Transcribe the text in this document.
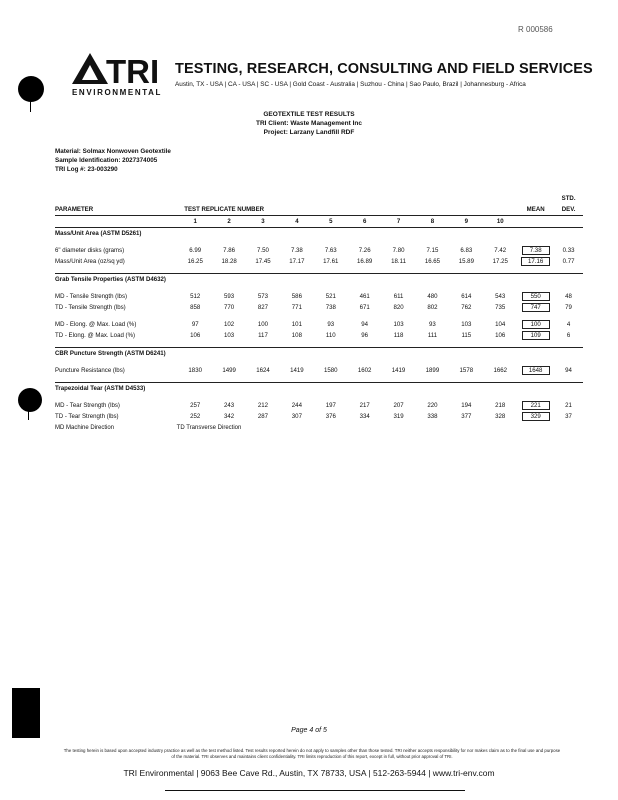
R 000586
TRI
ENVIRONMENTAL
TESTING, RESEARCH, CONSULTING AND FIELD SERVICES
Austin, TX - USA | CA - USA | SC - USA | Gold Coast - Australia | Suzhou - China | Sao Paulo, Brazil | Johannesburg - Africa
GEOTEXTILE TEST RESULTS
TRI Client: Waste Management Inc
Project: Larzany Landfill RDF
Material: Solmax Nonwoven Geotextile
Sample Identification: 2027374005
TRI Log #: 23-003290
												STD.
PARAMETER	TEST REPLICATE NUMBER										MEAN	DEV.
	1	2	3	4	5	6	7	8	9	10		
Mass/Unit Area (ASTM D5261)												

6" diameter disks (grams)	6.99	7.86	7.50	7.38	7.63	7.26	7.80	7.15	6.83	7.42	7.38	0.33
Mass/Unit Area (oz/sq yd)	16.25	18.28	17.45	17.17	17.61	16.89	18.11	16.65	15.89	17.25	17.16	0.77

Grab Tensile Properties (ASTM D4632)												

MD - Tensile Strength (lbs)	512	593	573	586	521	461	611	480	614	543	550	48
TD - Tensile Strength (lbs)	858	770	827	771	738	671	820	802	762	735	747	79

MD - Elong. @ Max. Load (%)	97	102	100	101	93	94	103	93	103	104	100	4
TD - Elong. @ Max. Load (%)	106	103	117	108	110	96	118	111	115	106	109	6

CBR Puncture Strength (ASTM D6241)												

Puncture Resistance (lbs)	1830	1499	1624	1419	1580	1602	1419	1899	1578	1662	1648	94

Trapezoidal Tear (ASTM D4533)												

MD - Tear Strength (lbs)	257	243	212	244	197	217	207	220	194	218	221	21
TD - Tear Strength (lbs)	252	342	287	307	376	334	319	338	377	328	329	37

MD Machine Direction	TD Transverse Direction
Page 4 of 5
The testing herein is based upon accepted industry practice as well as the test method listed. Test results reported herein do not apply to samples other than those tested. TRI neither accepts responsibility for nor makes claim as to the final use and purpose of the material. TRI observes and maintains client confidentiality. TRI limits reproduction of this report, except in full, without prior approval of TRI.
TRI Environmental | 9063 Bee Cave Rd., Austin, TX 78733, USA | 512-263-5944 | www.tri-env.com
